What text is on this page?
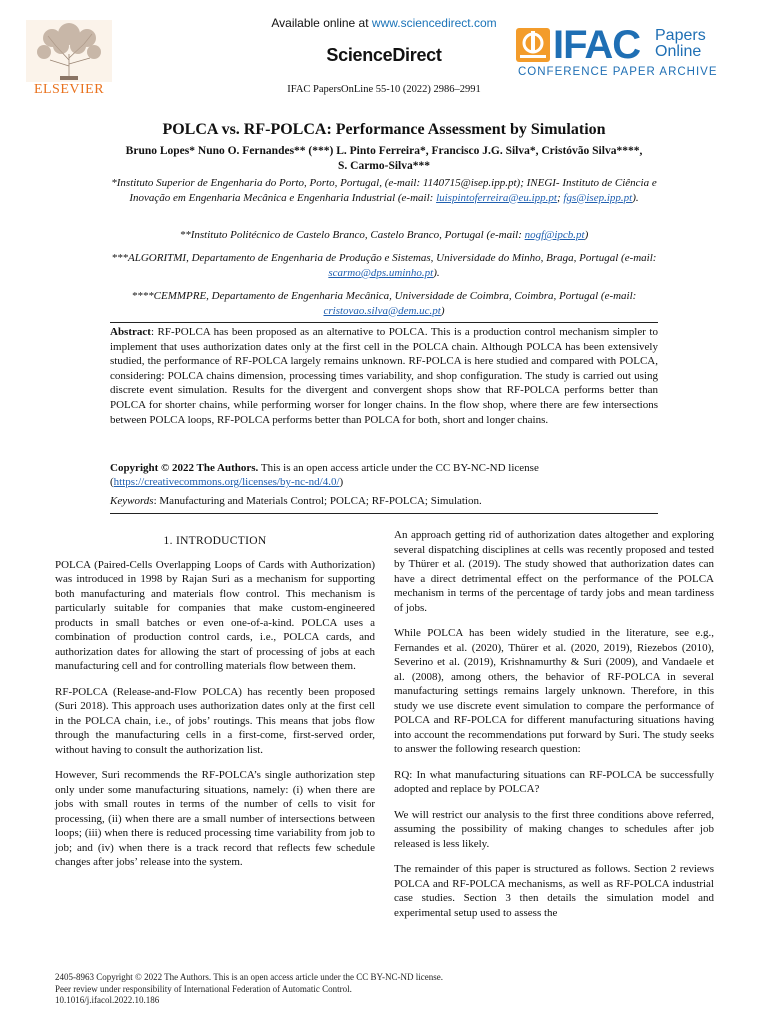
ELSEVIER
Available online at www.sciencedirect.com
ScienceDirect
IFAC PapersOnLine 55-10 (2022) 2986–2991
IFAC Papers
Online
CONFERENCE PAPER ARCHIVE
POLCA vs. RF-POLCA: Performance Assessment by Simulation
Bruno Lopes* Nuno O. Fernandes** (***) L. Pinto Ferreira*, Francisco J.G. Silva*, Cristóvão Silva****, S. Carmo-Silva***
*Instituto Superior de Engenharia do Porto, Porto, Portugal, (e-mail: 1140715@isep.ipp.pt); INEGI- Instituto de Ciência e Inovação em Engenharia Mecânica e Engenharia Industrial (e-mail: luispintoferreira@eu.ipp.pt; fgs@isep.ipp.pt).
**Instituto Politécnico de Castelo Branco, Castelo Branco, Portugal (e-mail: nogf@ipcb.pt)
***ALGORITMI, Departamento de Engenharia de Produção e Sistemas, Universidade do Minho, Braga, Portugal (e-mail: scarmo@dps.uminho.pt).
****CEMMPRE, Departamento de Engenharia Mecânica, Universidade de Coimbra, Coimbra, Portugal (e-mail: cristovao.silva@dem.uc.pt)
Abstract: RF-POLCA has been proposed as an alternative to POLCA. This is a production control mechanism simpler to implement that uses authorization dates only at the first cell in the POLCA chain. Although POLCA has been extensively studied, the performance of RF-POLCA largely remains unknown. RF-POLCA is here studied and compared with POLCA, considering: POLCA chains dimension, processing times variability, and shop configuration. The study is carried out using discrete event simulation. Results for the divergent and convergent shops show that RF-POLCA performs better than POLCA for shorter chains, while performing worser for longer chains. In the flow shop, where there are few intersections between POLCA loops, RF-POLCA performs better than POLCA for both, short and longer chains.
Copyright © 2022 The Authors. This is an open access article under the CC BY-NC-ND license
(https://creativecommons.org/licenses/by-nc-nd/4.0/)
Keywords: Manufacturing and Materials Control; POLCA; RF-POLCA; Simulation.
1. INTRODUCTION

POLCA (Paired-Cells Overlapping Loops of Cards with Authorization) was introduced in 1998 by Rajan Suri as a mechanism for supporting both manufacturing and materials flow control. This mechanism is particularly suitable for companies that make custom-engineered products in small batches or even one-of-a-kind. POLCA uses a combination of production control cards, i.e., POLCA cards, and authorization dates for allowing the start of processing of jobs at each manufacturing cell and for controlling materials flow between them.

RF-POLCA (Release-and-Flow POLCA) has recently been proposed (Suri 2018). This approach uses authorization dates only at the first cell in the POLCA chain, i.e., of jobs’ routings. This means that jobs flow through the manufacturing cells in a first-come, first-served order, without having to consult the authorization list.

However, Suri recommends the RF-POLCA’s single authorization step only under some manufacturing situations, namely: (i) when there are jobs with small routes in terms of the number of cells to visit for processing, (ii) when there are a small number of intersections between loops; (iii) when there is reduced processing time variability from job to job; and (iv) when there is a track record that reflects few schedule changes after jobs’ release into the system.

An approach getting rid of authorization dates altogether and exploring several dispatching disciplines at cells was recently proposed and tested by Thürer et al. (2019). The study showed that authorization dates can have a direct detrimental effect on the performance of the POLCA mechanism in terms of the percentage of tardy jobs and mean tardiness of jobs.

While POLCA has been widely studied in the literature, see e.g., Fernandes et al. (2020), Thürer et al. (2020, 2019), Riezebos (2010), Severino et al. (2019), Krishnamurthy & Suri (2009), and Vandaele et al. (2008), among others, the behavior of RF-POLCA in several manufacturing settings remains largely unknown. Therefore, in this study we use discrete event simulation to compare the performance of POLCA and RF-POLCA for different manufacturing situations having into account the recommendations put forward by Suri. The study seeks to answer the following research question:

RQ: In what manufacturing situations can RF-POLCA be successfully adopted and replace by POLCA?

We will restrict our analysis to the first three conditions above referred, assuming the possibility of making changes to schedules after job released is less likely.

The remainder of this paper is structured as follows. Section 2 reviews POLCA and RF-POLCA mechanisms, as well as RF-POLCA industrial case studies. Section 3 then details the simulation model and experimental setup used to assess the

2405-8963 Copyright © 2022 The Authors. This is an open access article under the CC BY-NC-ND license.
Peer review under responsibility of International Federation of Automatic Control.
10.1016/j.ifacol.2022.10.186
